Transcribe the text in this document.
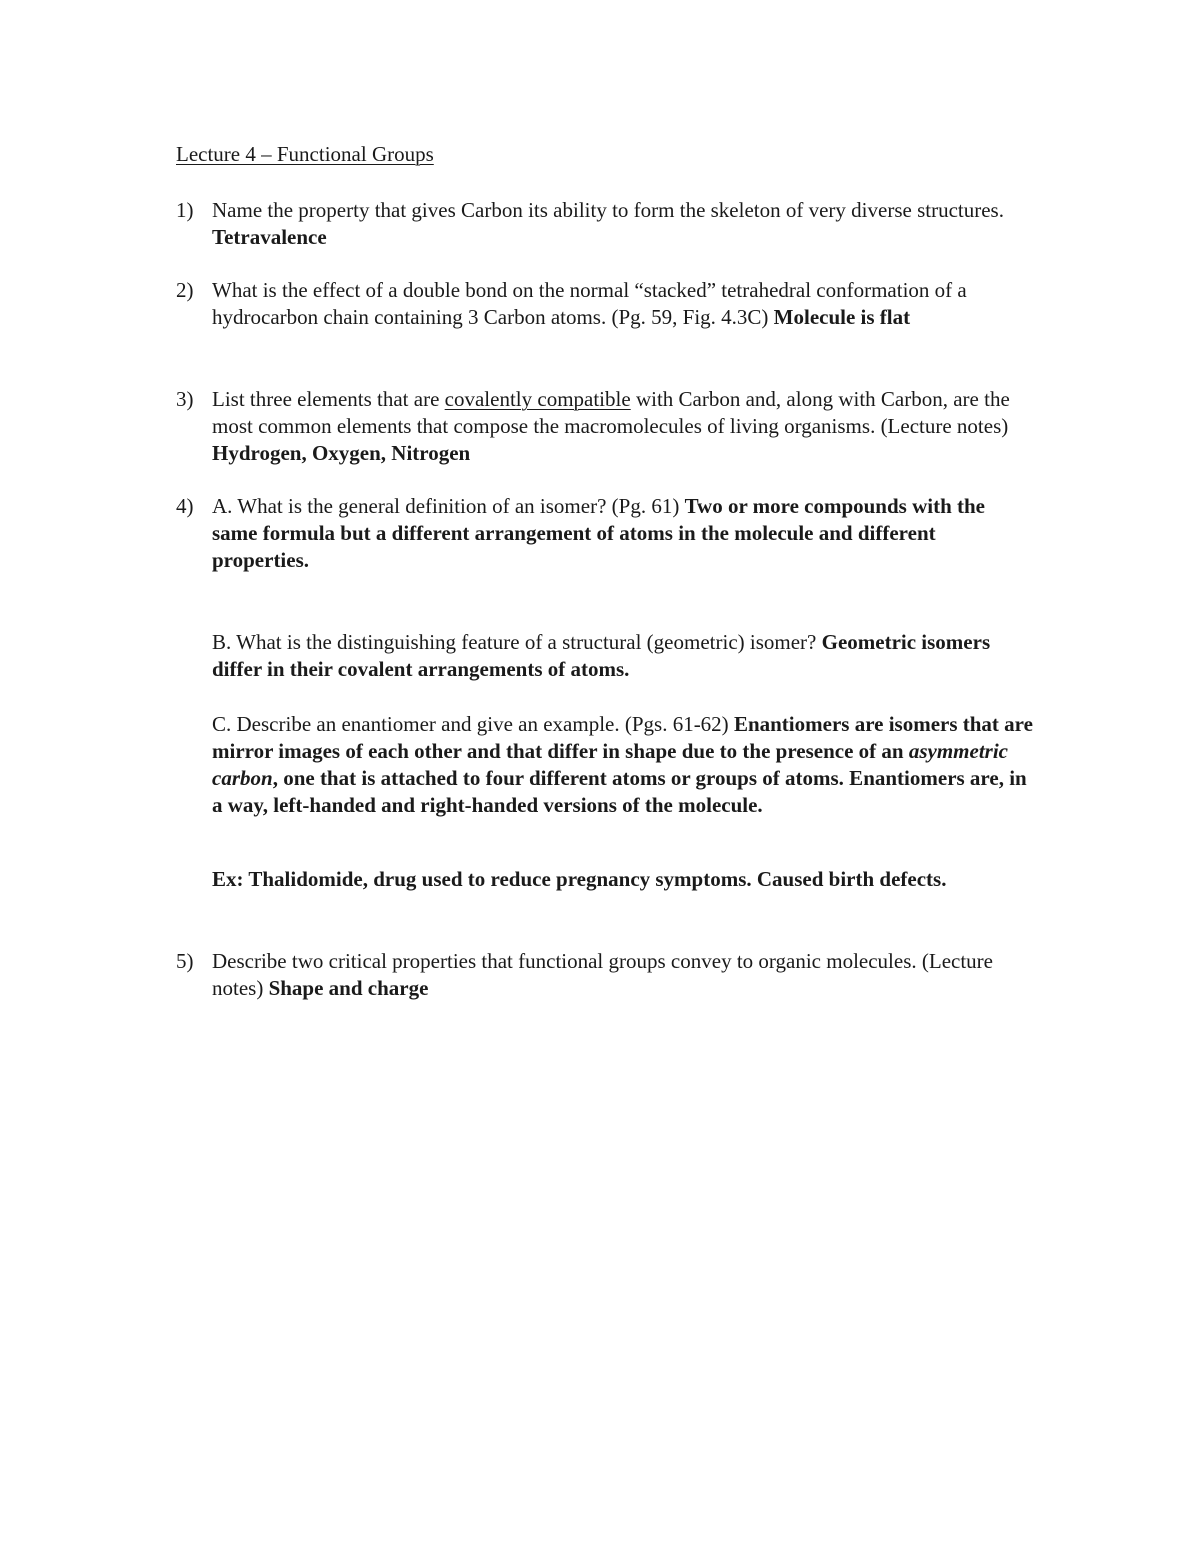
Lecture 4 – Functional Groups
1) Name the property that gives Carbon its ability to form the skeleton of very diverse structures. Tetravalence
2) What is the effect of a double bond on the normal “stacked” tetrahedral conformation of a hydrocarbon chain containing 3 Carbon atoms. (Pg. 59, Fig. 4.3C) Molecule is flat
3) List three elements that are covalently compatible with Carbon and, along with Carbon, are the most common elements that compose the macromolecules of living organisms. (Lecture notes) Hydrogen, Oxygen, Nitrogen
4) A. What is the general definition of an isomer? (Pg. 61) Two or more compounds with the same formula but a different arrangement of atoms in the molecule and different properties.
B. What is the distinguishing feature of a structural (geometric) isomer? Geometric isomers differ in their covalent arrangements of atoms.
C. Describe an enantiomer and give an example. (Pgs. 61-62) Enantiomers are isomers that are mirror images of each other and that differ in shape due to the presence of an asymmetric carbon, one that is attached to four different atoms or groups of atoms. Enantiomers are, in a way, left-handed and right-handed versions of the molecule.
Ex: Thalidomide, drug used to reduce pregnancy symptoms. Caused birth defects.
5) Describe two critical properties that functional groups convey to organic molecules. (Lecture notes) Shape and charge
